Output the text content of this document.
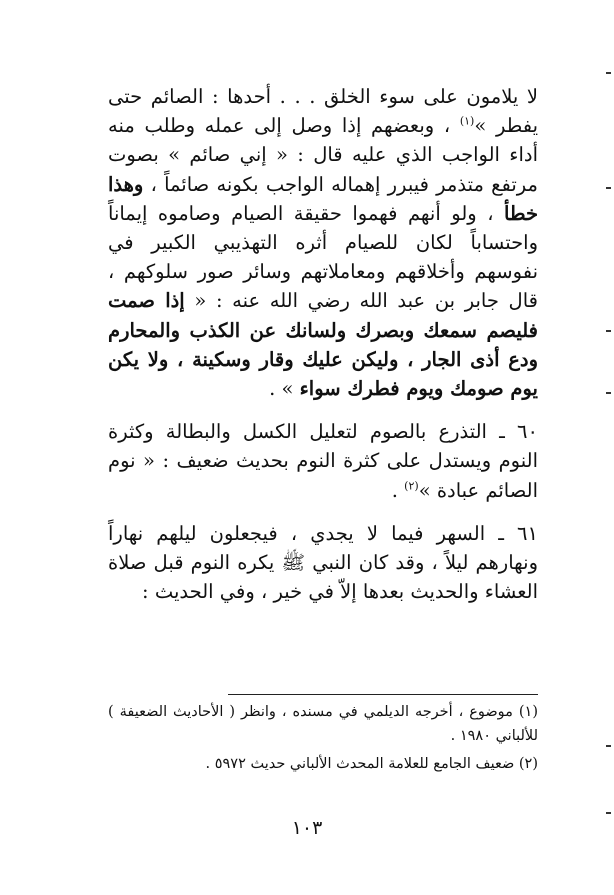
لا يلامون على سوء الخلق . . . أحدها : الصائم حتى يفطر »$^{(١)}$ ، وبعضهم إذا وصل إلى عمله وطلب منه أداء الواجب الذي عليه قال : « إني صائم » بصوت مرتفع متذمر فيبرر إهماله الواجب بكونه صائماً ، وهذا خطأ ، ولو أنهم فهموا حقيقة الصيام وصاموه إيماناً واحتساباً لكان للصيام أثره التهذيبي الكبير في نفوسهم وأخلاقهم ومعاملاتهم وسائر صور سلوكهم ، قال جابر بن عبد الله رضي الله عنه : « إذا صمت فليصم سمعك وبصرك ولسانك عن الكذب والمحارم ودع أذى الجار ، وليكن عليك وقار وسكينة ، ولا يكن يوم صومك ويوم فطرك سواء » .

٦٠ ـ التذرع بالصوم لتعليل الكسل والبطالة وكثرة النوم ويستدل على كثرة النوم بحديث ضعيف : « نوم الصائم عبادة »$^{(٢)}$ .

٦١ ـ السهر فيما لا يجدي ، فيجعلون ليلهم نهاراً ونهارهم ليلاً ، وقد كان النبي ﷺ يكره النوم قبل صلاة العشاء والحديث بعدها إلاّ في خير ، وفي الحديث :

(١) موضوع ، أخرجه الديلمي في مسنده ، وانظر ( الأحاديث الضعيفة ) للألباني ١٩٨٠ .

(٢) ضعيف الجامع للعلامة المحدث الألباني حديث ٥٩٧٢ .

١٠٣
